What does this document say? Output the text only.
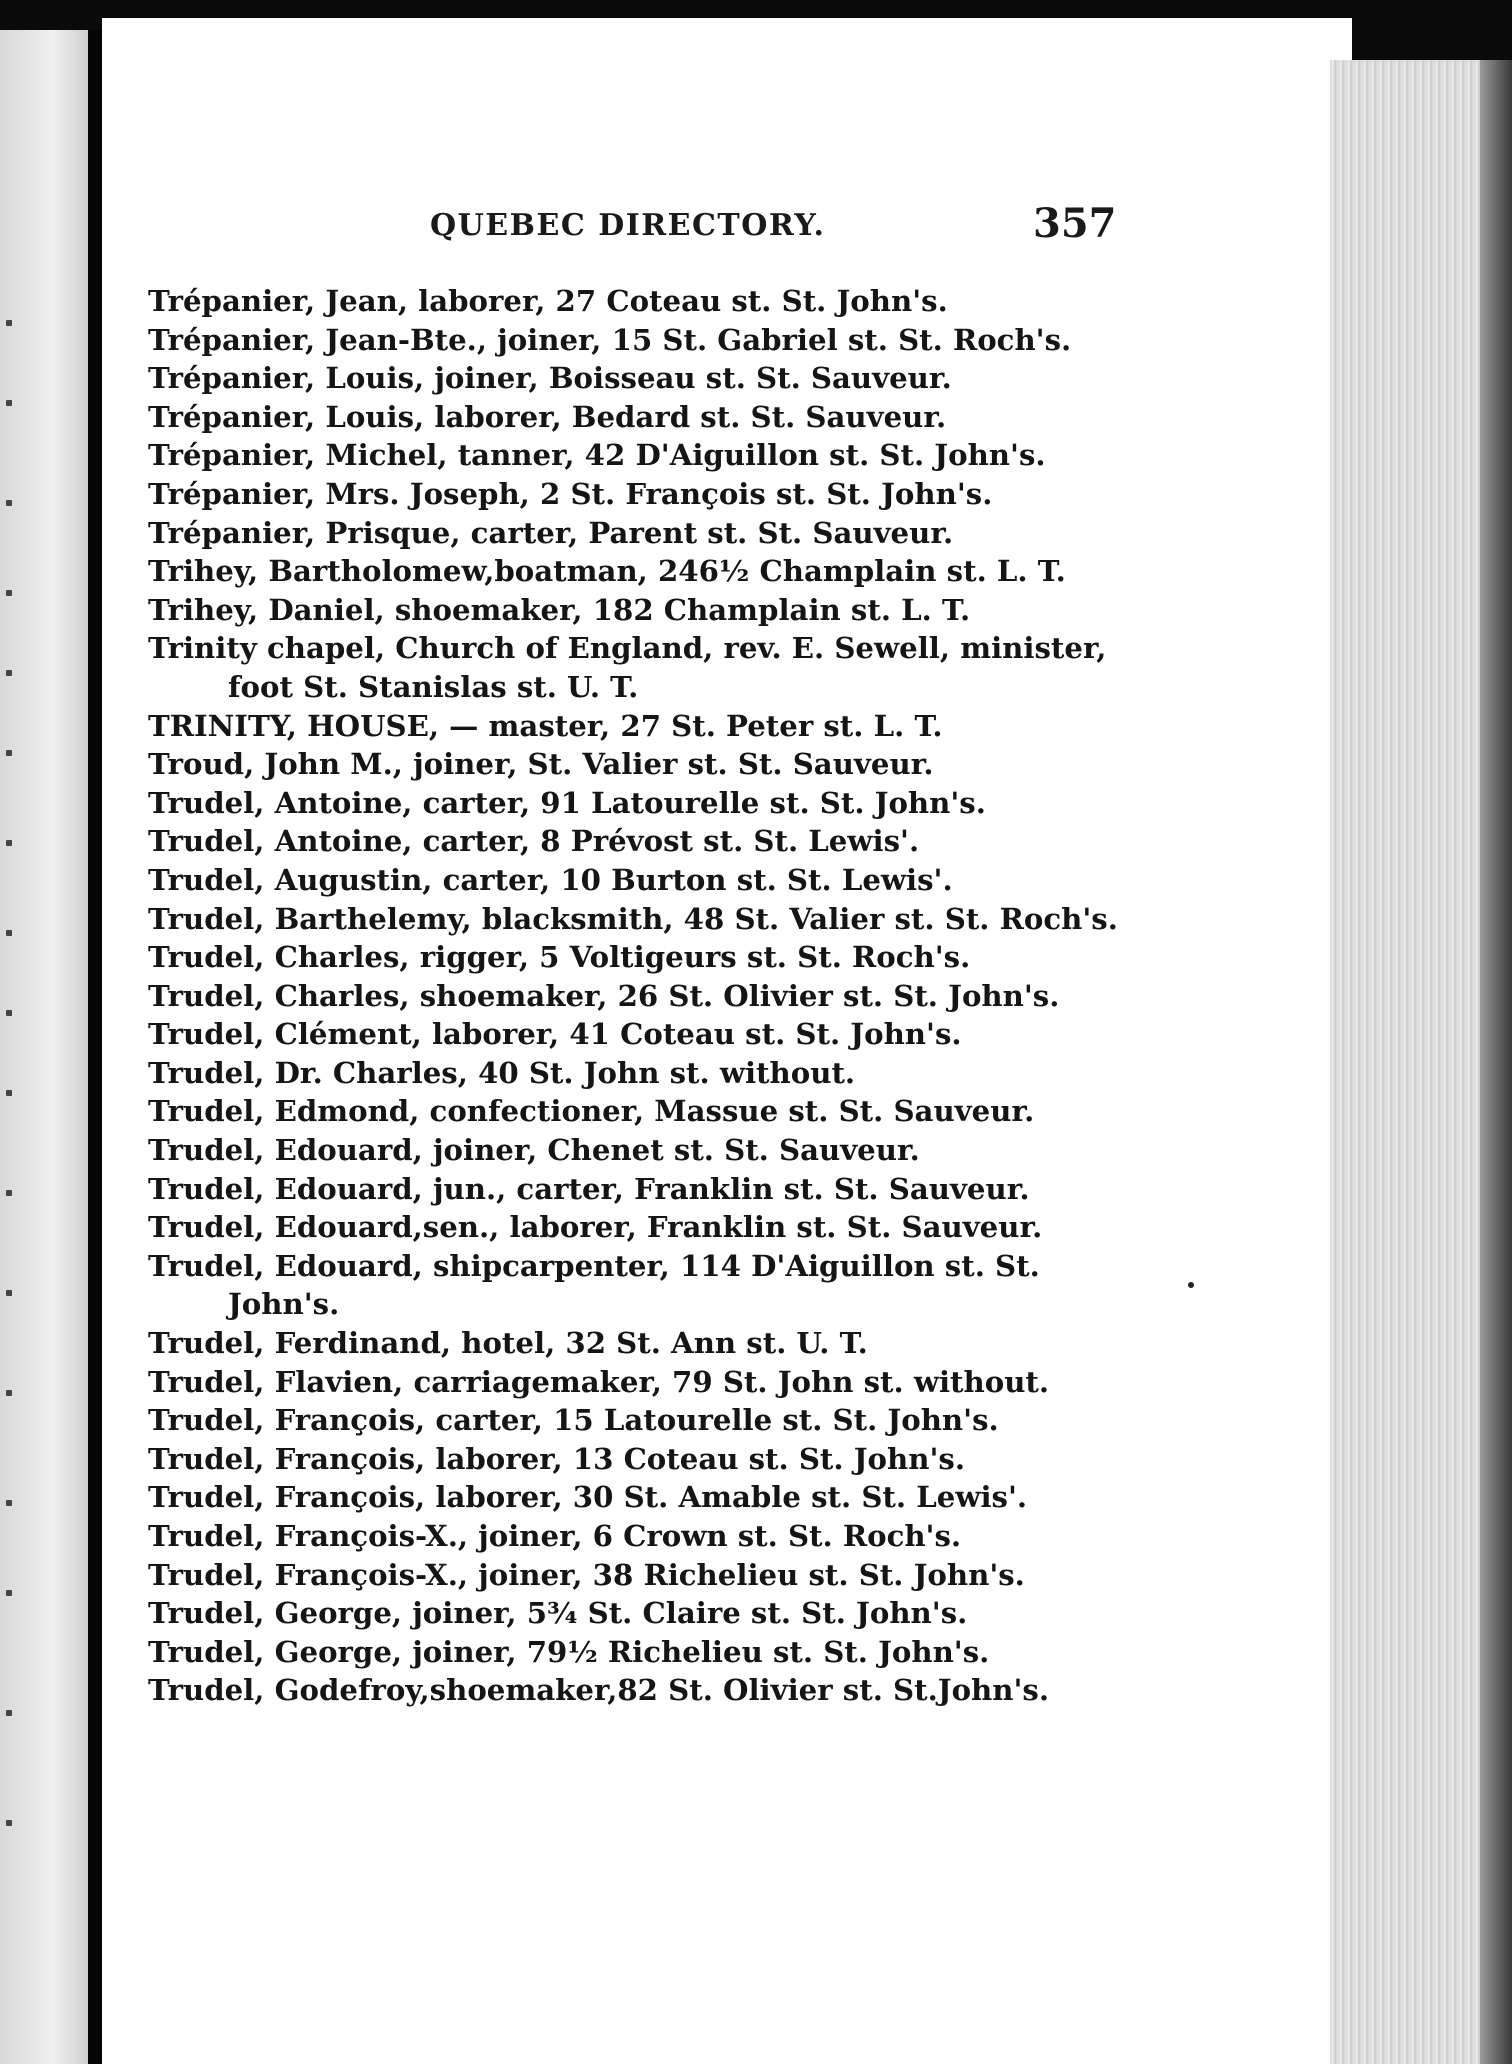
QUEBEC DIRECTORY.	357

Trépanier, Jean, laborer, 27 Coteau st. St. John's.

Trépanier, Jean-Bte., joiner, 15 St. Gabriel st. St. Roch's.

Trépanier, Louis, joiner, Boisseau st. St. Sauveur.

Trépanier, Louis, laborer, Bedard st. St. Sauveur.

Trépanier, Michel, tanner, 42 D'Aiguillon st. St. John's.

Trépanier, Mrs. Joseph, 2 St. François st. St. John's.

Trépanier, Prisque, carter, Parent st. St. Sauveur.

Trihey, Bartholomew,boatman, 246½ Champlain st. L. T.

Trihey, Daniel, shoemaker, 182 Champlain st. L. T.

Trinity chapel, Church of England, rev. E. Sewell, minister, foot St. Stanislas st. U. T.

TRINITY, HOUSE, — master, 27 St. Peter st. L. T.

Troud, John M., joiner, St. Valier st. St. Sauveur.

Trudel, Antoine, carter, 91 Latourelle st. St. John's.

Trudel, Antoine, carter, 8 Prévost st. St. Lewis'.

Trudel, Augustin, carter, 10 Burton st. St. Lewis'.

Trudel, Barthelemy, blacksmith, 48 St. Valier st. St. Roch's.

Trudel, Charles, rigger, 5 Voltigeurs st. St. Roch's.

Trudel, Charles, shoemaker, 26 St. Olivier st. St. John's.

Trudel, Clément, laborer, 41 Coteau st. St. John's.

Trudel, Dr. Charles, 40 St. John st. without.

Trudel, Edmond, confectioner, Massue st. St. Sauveur.

Trudel, Edouard, joiner, Chenet st. St. Sauveur.

Trudel, Edouard, jun., carter, Franklin st. St. Sauveur.

Trudel, Edouard,sen., laborer, Franklin st. St. Sauveur.

Trudel, Edouard, shipcarpenter, 114 D'Aiguillon st. St. John's.

Trudel, Ferdinand, hotel, 32 St. Ann st. U. T.

Trudel, Flavien, carriagemaker, 79 St. John st. without.

Trudel, François, carter, 15 Latourelle st. St. John's.

Trudel, François, laborer, 13 Coteau st. St. John's.

Trudel, François, laborer, 30 St. Amable st. St. Lewis'.

Trudel, François-X., joiner, 6 Crown st. St. Roch's.

Trudel, François-X., joiner, 38 Richelieu st. St. John's.

Trudel, George, joiner, 5¾ St. Claire st. St. John's.

Trudel, George, joiner, 79½ Richelieu st. St. John's.

Trudel, Godefroy,shoemaker,82 St. Olivier st. St.John's.
